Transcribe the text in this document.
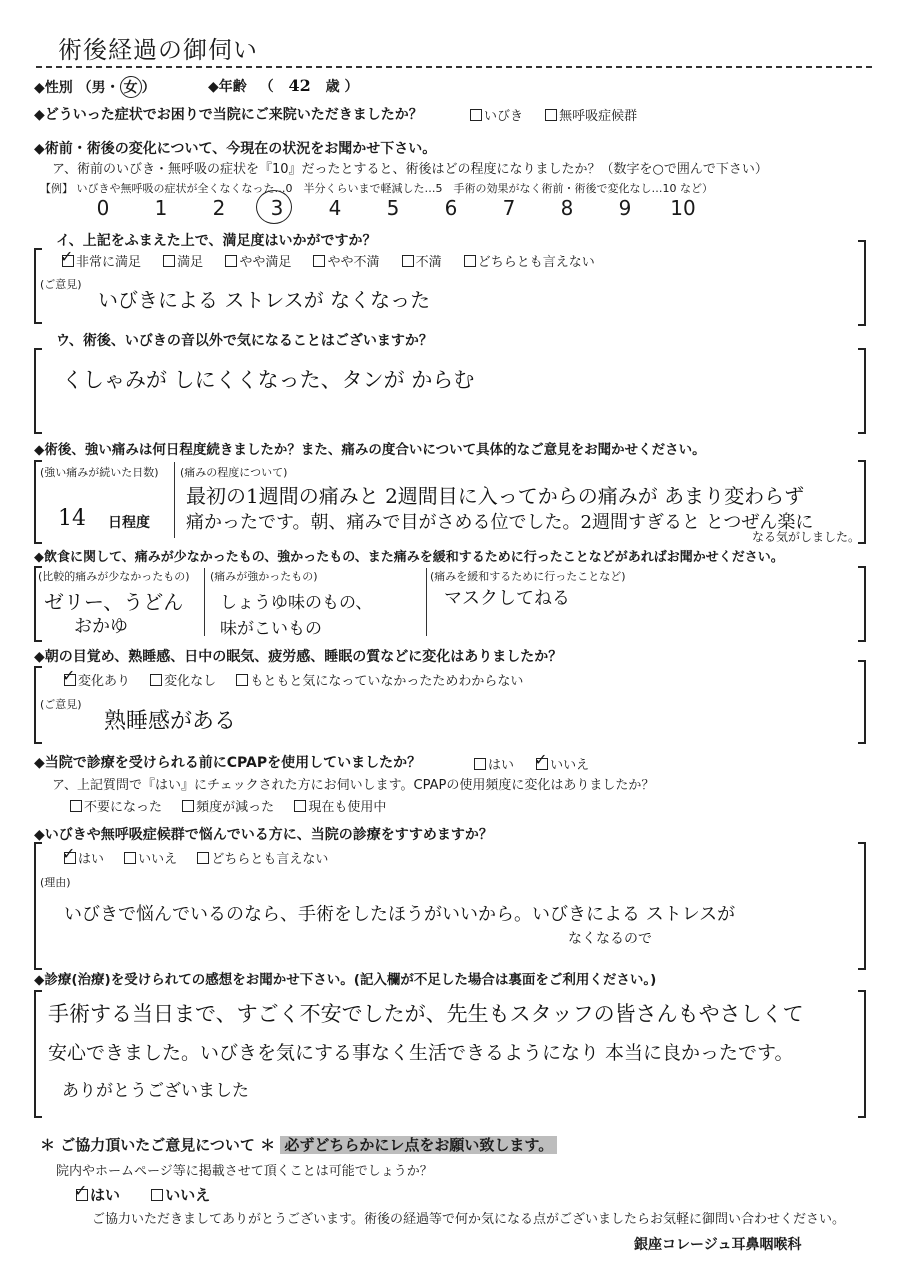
術後経過の御伺い
◆性別 （男・ 女 ）	◆年齢 （ 42 歳 ）
◆どういった症状でお困りで当院にご来院いただきましたか？	いびき	無呼吸症候群
◆術前・術後の変化について、今現在の状況をお聞かせ下さい。
ア、術前のいびき・無呼吸の症状を『10』だったとすると、術後はどの程度になりましたか？（数字を○で囲んで下さい）
【例】 いびきや無呼吸の症状が全くなくなった…0　半分くらいまで軽減した…5　手術の効果がなく術前・術後で変化なし…10 など）
0 1 2 3 4 5 6 7 8 9 10
イ、上記をふまえた上で、満足度はいかがですか？
✓非常に満足	満足	やや満足	やや不満	不満	どちらとも言えない
(ご意見)
いびきによる ストレスが なくなった
ウ、術後、いびきの音以外で気になることはございますか？
くしゃみが しにくくなった、タンが からむ
◆術後、強い痛みは何日程度続きましたか？また、痛みの度合いについて具体的なご意見をお聞かせください。
(強い痛みが続いた日数)
14 日程度
(痛みの程度について)
最初の1週間の痛みと 2週間目に入ってからの痛みが あまり変わらず
痛かったです。朝、痛みで目がさめる位でした。2週間すぎると とつぜん楽に
なる気がしました。
◆飲食に関して、痛みが少なかったもの、強かったもの、また痛みを緩和するために行ったことなどがあればお聞かせください。
(比較的痛みが少なかったもの)
ゼリー、うどん
おかゆ
(痛みが強かったもの)
しょうゆ味のもの、
味がこいもの
(痛みを緩和するために行ったことなど)
マスクしてねる
◆朝の目覚め、熟睡感、日中の眠気、疲労感、睡眠の質などに変化はありましたか？
✓変化あり	変化なし	もともと気になっていなかったためわからない
(ご意見)
熟睡感がある
◆当院で診療を受けられる前にCPAPを使用していましたか？	はい ✓	いいえ
ア、上記質問で『はい』にチェックされた方にお伺いします。CPAPの使用頻度に変化はありましたか？
不要になった	頻度が減った	現在も使用中
◆いびきや無呼吸症候群で悩んでいる方に、当院の診療をすすめますか？
✓はい	いいえ	どちらとも言えない
(理由)
いびきで悩んでいるのなら、手術をしたほうがいいから。いびきによる ストレスが
なくなるので
◆診療(治療)を受けられての感想をお聞かせ下さい。(記入欄が不足した場合は裏面をご利用ください。)
手術する当日まで、すごく不安でしたが、先生もスタッフの皆さんもやさしくて
安心できました。いびきを気にする事なく生活できるようになり 本当に良かったです。
ありがとうございました
＊ ご協力頂いたご意見について ＊ 必ずどちらかにレ点をお願い致します。
院内やホームページ等に掲載させて頂くことは可能でしょうか？
✓はい	いいえ
ご協力いただきましてありがとうございます。術後の経過等で何か気になる点がございましたらお気軽に御問い合わせください。
銀座コレージュ耳鼻咽喉科
